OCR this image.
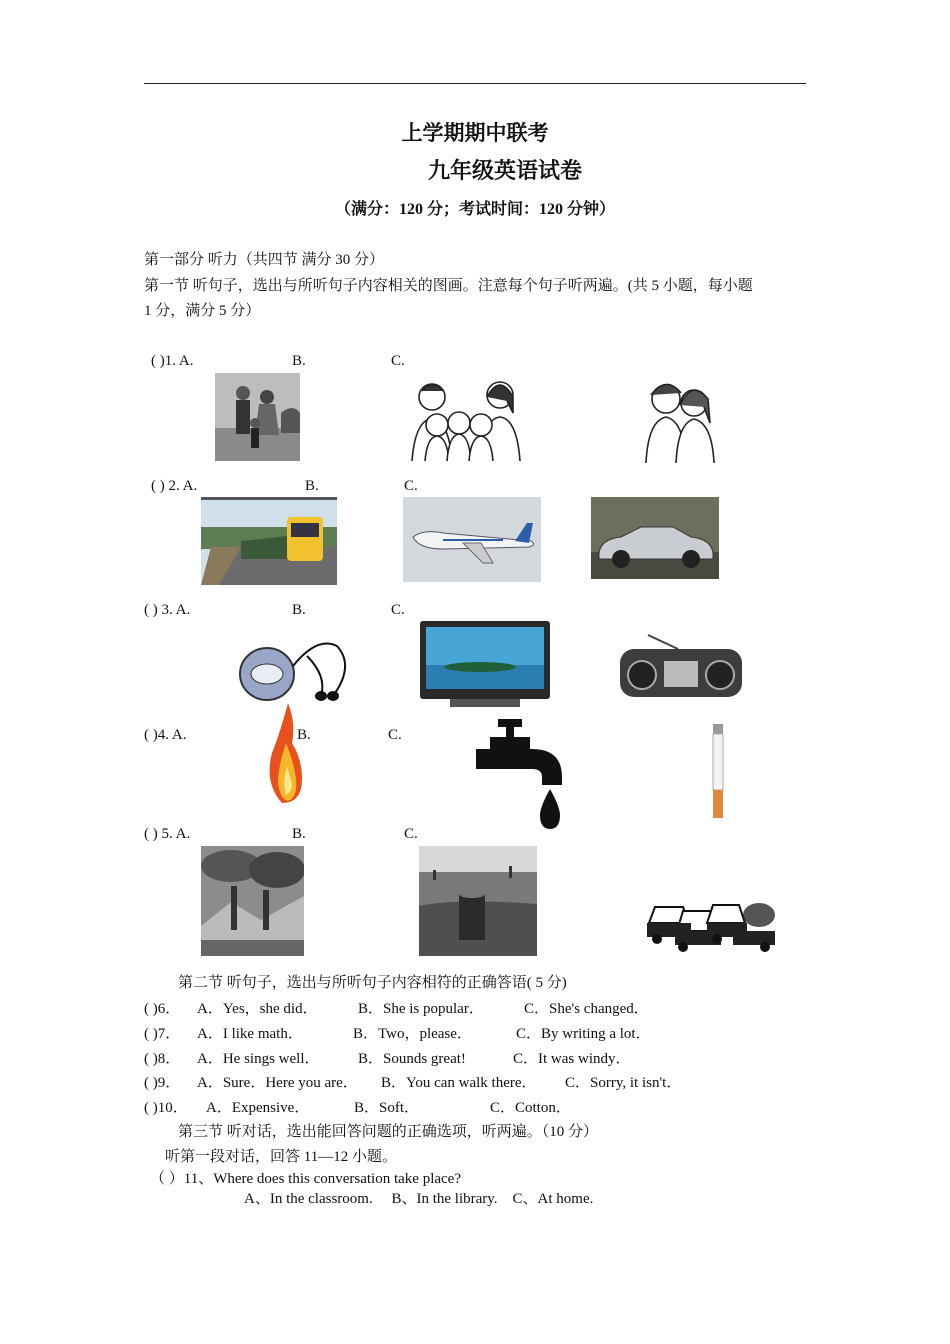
上学期期中联考
九年级英语试卷
（满分：120 分；考试时间：120 分钟）
第一部分 听力（共四节 满分 30 分）
第一节 听句子，选出与所听句子内容相关的图画。注意每个句子听两遍。(共 5 小题，每小题
1 分，满分 5 分）
( )1. A.	B.	C.
( ) 2. A.	B.	C.
( ) 3. A.	B.	C.
( )4. A.	B.	C.
( ) 5. A.	B.	C.
第二节 听句子，选出与所听句子内容相符的正确答语( 5 分)
( )6． A．Yes，she did．	B．She is popular．	C．She's changed．
( )7． A．I like math．	B．Two，please．	C．By writing a lot．
( )8． A．He sings well．	B．Sounds great!	C．It was windy．
( )9． A．Sure．Here you are． B．You can walk there． C．Sorry, it isn't．
( )10． A．Expensive．	B．Soft．	C．Cotton．
第三节 听对话，选出能回答问题的正确选项，听两遍。（10 分）
听第一段对话，回答 11—12 小题。
（ ）11、Where does this conversation take place?
A、In the classroom.     B、In the library.    C、At home.
